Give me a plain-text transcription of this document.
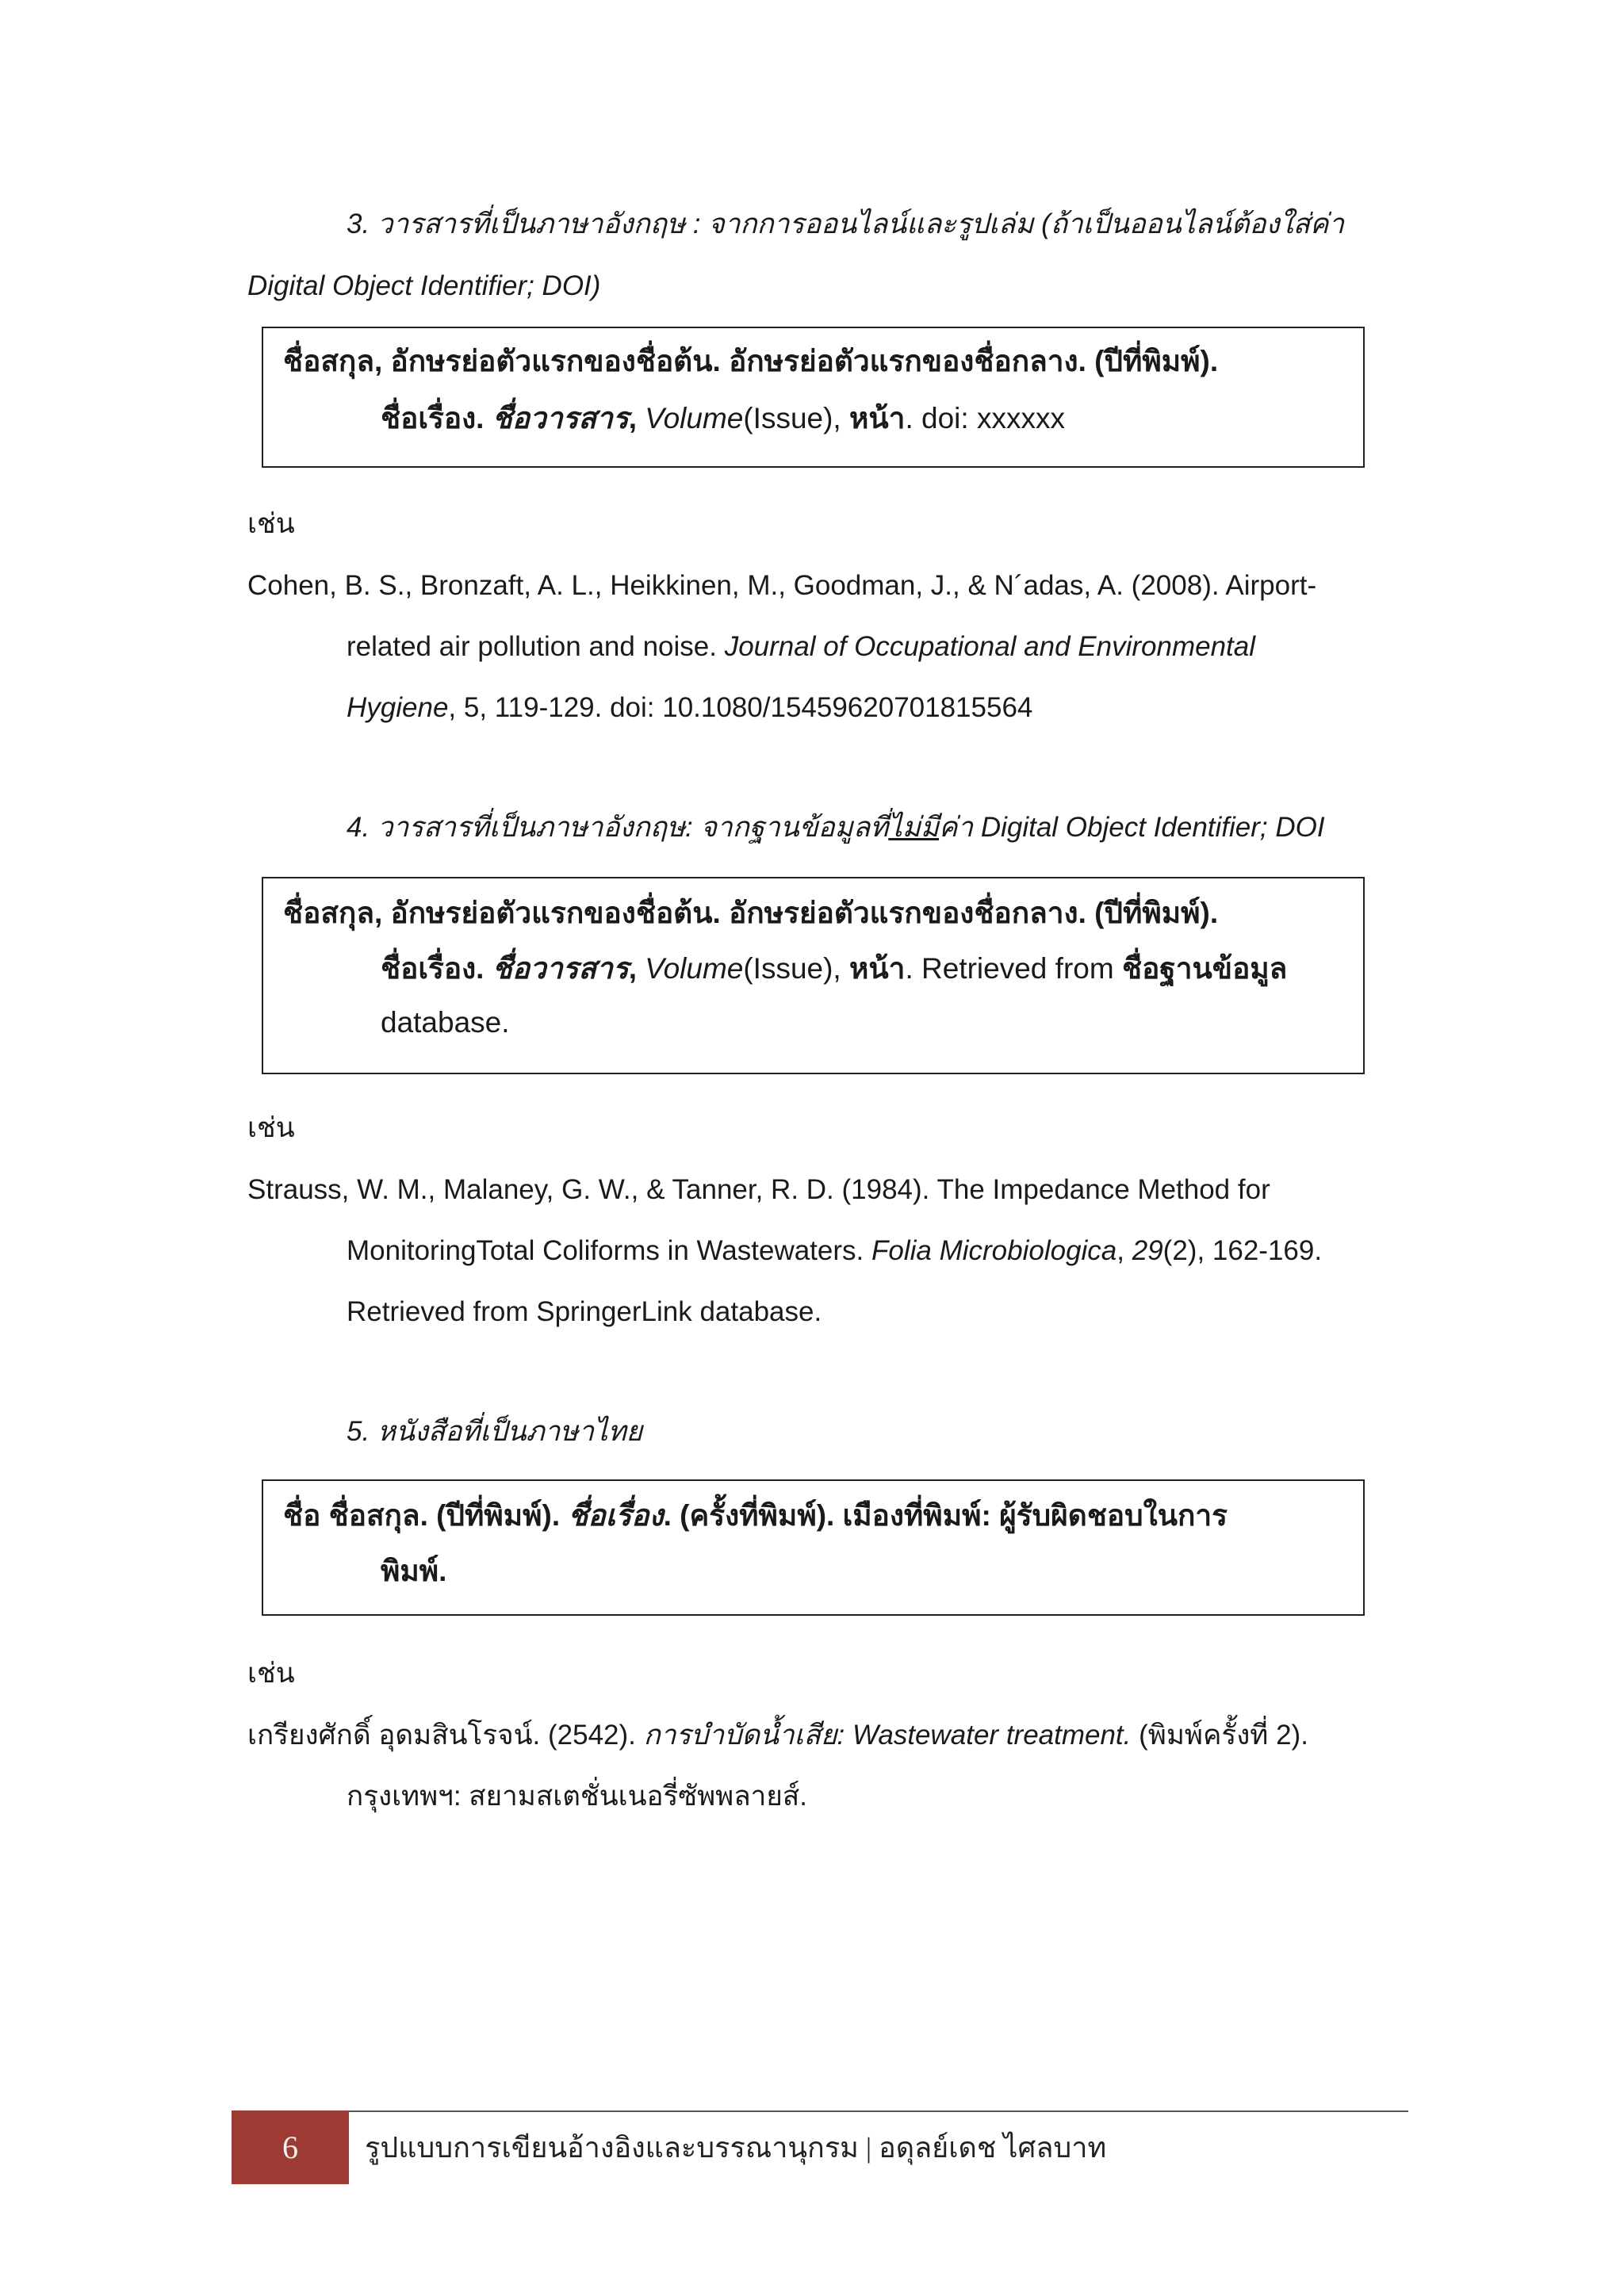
3. วารสารที่เป็นภาษาอังกฤษ : จากการออนไลน์และรูปเล่ม (ถ้าเป็นออนไลน์ต้องใส่ค่า
Digital Object Identifier; DOI)
ชื่อสกุล, อักษรย่อตัวแรกของชื่อต้น. อักษรย่อตัวแรกของชื่อกลาง. (ปีที่พิมพ์).
ชื่อเรื่อง. ชื่อวารสาร, Volume(Issue), หน้า. doi: xxxxxx
เช่น
Cohen, B. S., Bronzaft, A. L., Heikkinen, M., Goodman, J., & N´adas, A. (2008). Airport-
related air pollution and noise. Journal of Occupational and Environmental
Hygiene, 5, 119-129. doi: 10.1080/15459620701815564
4. วารสารที่เป็นภาษาอังกฤษ: จากฐานข้อมูลที่ไม่มีค่า Digital Object Identifier; DOI
ชื่อสกุล, อักษรย่อตัวแรกของชื่อต้น. อักษรย่อตัวแรกของชื่อกลาง. (ปีที่พิมพ์).
ชื่อเรื่อง. ชื่อวารสาร, Volume(Issue), หน้า. Retrieved from ชื่อฐานข้อมูล
database.
เช่น
Strauss, W. M., Malaney, G. W., & Tanner, R. D. (1984). The Impedance Method for
MonitoringTotal Coliforms in Wastewaters. Folia Microbiologica, 29(2), 162-169.
Retrieved from SpringerLink database.
5. หนังสือที่เป็นภาษาไทย
ชื่อ ชื่อสกุล. (ปีที่พิมพ์). ชื่อเรื่อง. (ครั้งที่พิมพ์). เมืองที่พิมพ์: ผู้รับผิดชอบในการ
พิมพ์.
เช่น
เกรียงศักดิ์ อุดมสินโรจน์. (2542). การบำบัดน้ำเสีย: Wastewater treatment. (พิมพ์ครั้งที่ 2).
กรุงเทพฯ: สยามสเตชั่นเนอรี่ซัพพลายส์.
6	รูปแบบการเขียนอ้างอิงและบรรณานุกรม | อดุลย์เดช ไศลบาท
